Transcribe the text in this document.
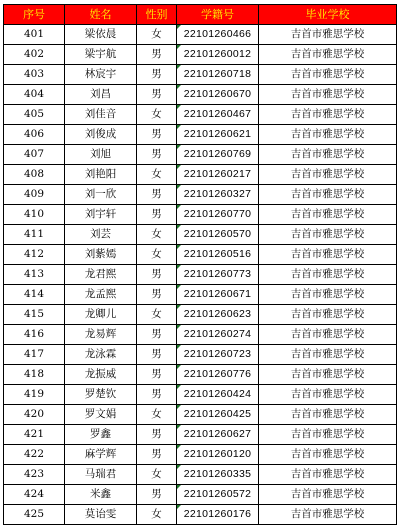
序号	姓名	性别	学籍号	毕业学校
401	梁依晨	女	22101260466	吉首市雅思学校
402	梁宇航	男	22101260012	吉首市雅思学校
403	林宸宇	男	22101260718	吉首市雅思学校
404	刘昌	男	22101260670	吉首市雅思学校
405	刘佳音	女	22101260467	吉首市雅思学校
406	刘俊成	男	22101260621	吉首市雅思学校
407	刘旭	男	22101260769	吉首市雅思学校
408	刘艳阳	女	22101260217	吉首市雅思学校
409	刘一欣	男	22101260327	吉首市雅思学校
410	刘宇轩	男	22101260770	吉首市雅思学校
411	刘芸	女	22101260570	吉首市雅思学校
412	刘紫嫣	女	22101260516	吉首市雅思学校
413	龙君熙	男	22101260773	吉首市雅思学校
414	龙孟熙	男	22101260671	吉首市雅思学校
415	龙卿儿	女	22101260623	吉首市雅思学校
416	龙易辉	男	22101260274	吉首市雅思学校
417	龙泳霖	男	22101260723	吉首市雅思学校
418	龙振威	男	22101260776	吉首市雅思学校
419	罗楚钦	男	22101260424	吉首市雅思学校
420	罗文娟	女	22101260425	吉首市雅思学校
421	罗鑫	男	22101260627	吉首市雅思学校
422	麻学辉	男	22101260120	吉首市雅思学校
423	马瑞君	女	22101260335	吉首市雅思学校
424	米鑫	男	22101260572	吉首市雅思学校
425	莫诒雯	女	22101260176	吉首市雅思学校
